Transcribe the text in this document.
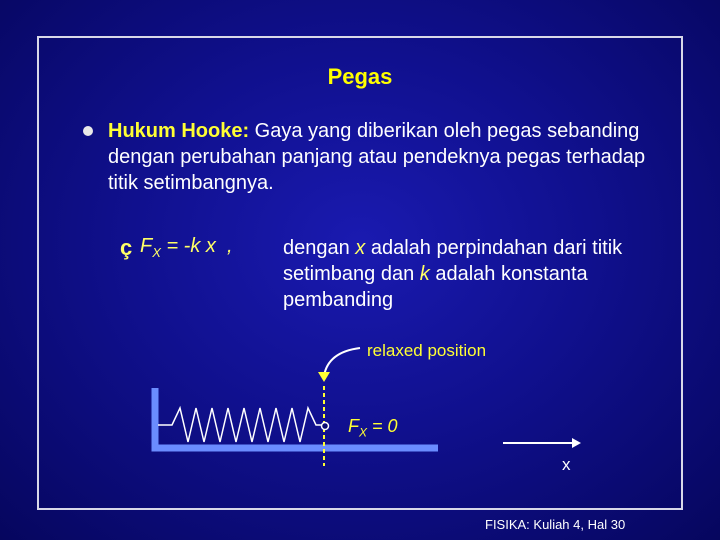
Pegas
Hukum Hooke: Gaya yang diberikan oleh pegas sebanding dengan perubahan panjang atau pendeknya pegas terhadap titik setimbangnya.
ç $F_X = -k$ x  ,	dengan x adalah perpindahan dari titik setimbang dan k adalah konstanta pembanding
relaxed position
$F_X = 0$
x
FISIKA: Kuliah 4, Hal 30
